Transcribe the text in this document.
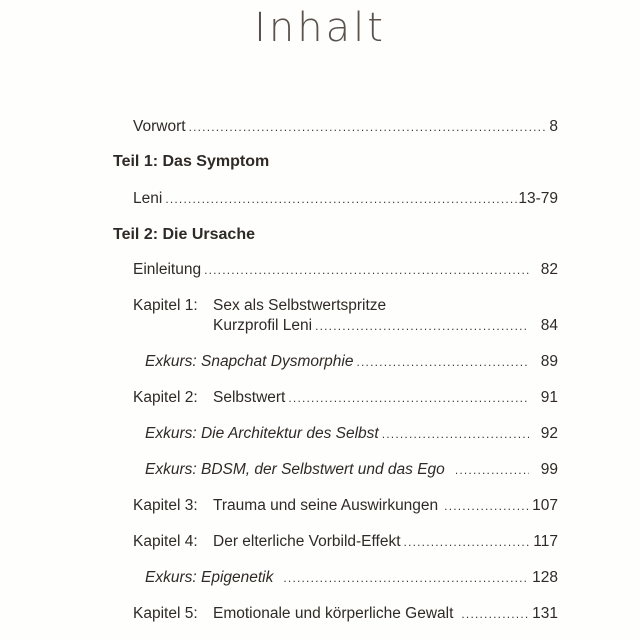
Inhalt
Vorwort .....	8
Teil 1: Das Symptom
Leni .....	13-79
Teil 2: Die Ursache
Einleitung .....	82
Kapitel 1: Sex als Selbstwertspritze
Kurzprofil Leni .....	84
Exkurs: Snapchat Dysmorphie .....	89
Kapitel 2: Selbstwert .....	91
Exkurs: Die Architektur des Selbst .....	92
Exkurs: BDSM, der Selbstwert und das Ego .....	99
Kapitel 3: Trauma und seine Auswirkungen .....	107
Kapitel 4: Der elterliche Vorbild-Effekt .....	117
Exkurs: Epigenetik .....	128
Kapitel 5: Emotionale und körperliche Gewalt .....	131
